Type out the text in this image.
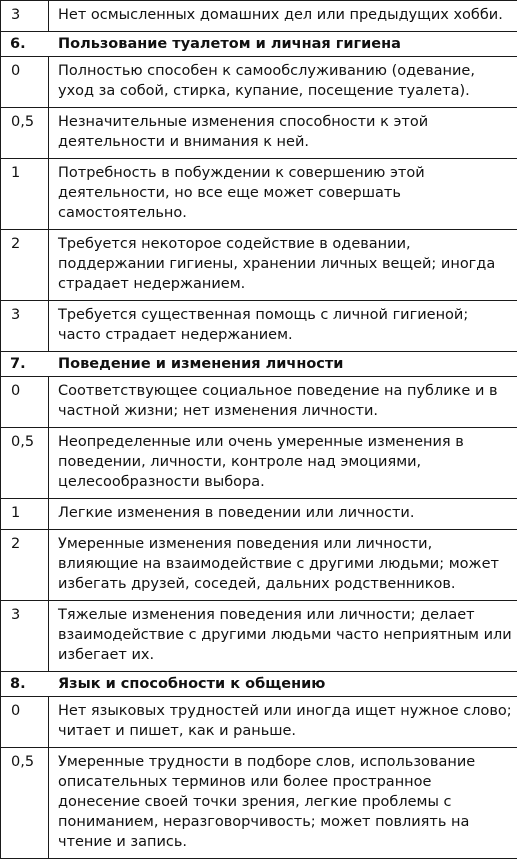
3	Нет осмысленных домашних дел или предыдущих хобби.
6. Пользование туалетом и личная гигиена	
0	Полностью способен к самообслуживанию (одевание, уход за собой, стирка, купание, посещение туалета).
0,5	Незначительные изменения способности к этой деятельности и внимания к ней.
1	Потребность в побуждении к совершению этой деятельности, но все еще может совершать самостоятельно.
2	Требуется некоторое содействие в одевании, поддержании гигиены, хранении личных вещей; иногда страдает недержанием.
3	Требуется существенная помощь с личной гигиеной; часто страдает недержанием.
7. Поведение и изменения личности	
0	Соответствующее социальное поведение на публике и в частной жизни; нет изменения личности.
0,5	Неопределенные или очень умеренные изменения в поведении, личности, контроле над эмоциями, целесообразности выбора.
1	Легкие изменения в поведении или личности.
2	Умеренные изменения поведения или личности, влияющие на взаимодействие с другими людьми; может избегать друзей, соседей, дальних родственников.
3	Тяжелые изменения поведения или личности; делает взаимодействие с другими людьми часто неприятным или избегает их.
8. Язык и способности к общению	
0	Нет языковых трудностей или иногда ищет нужное слово; читает и пишет, как и раньше.
0,5	Умеренные трудности в подборе слов, использование описательных терминов или более пространное донесение своей точки зрения, легкие проблемы с пониманием, неразговорчивость; может повлиять на чтение и запись.
